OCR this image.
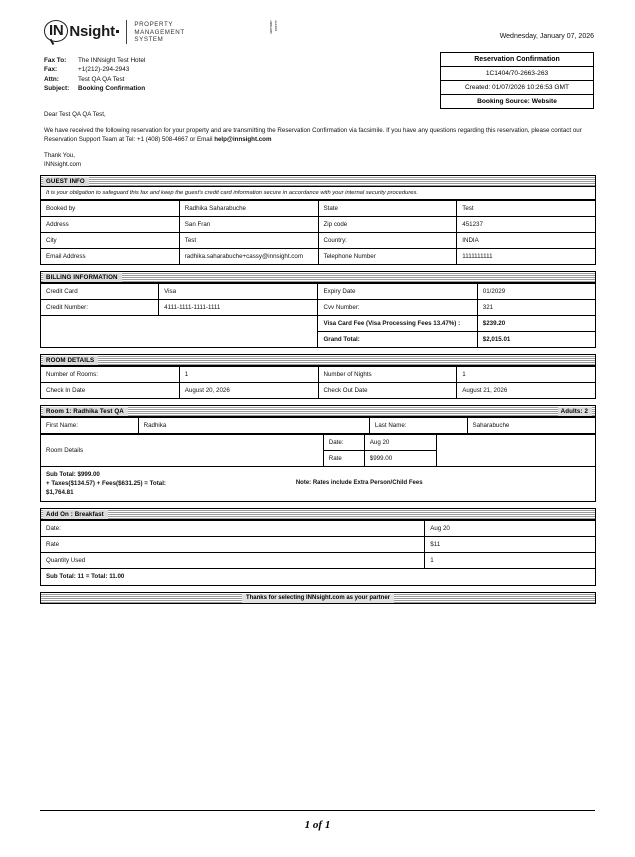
IN Nsight	PROPERTY
MANAGEMENT
SYSTEM
INNSIGHT 1C1404
Wednesday, January 07, 2026
Reservation Confirmation
1C1404/70-2663-263
Created: 01/07/2026 10:26:53 GMT
Booking Source: Website
Fax To:	The INNsight Test Hotel
Fax:	+1(212)-294-2943
Attn:	Test QA QA Test
Subject:	Booking Confirmation

Dear Test QA QA Test,

We have received the following reservation for your property and are transmitting the Reservation Confirmation via facsimile. If you have any questions regarding this reservation, please contact our Reservation Support Team at Tel: +1 (408) 508-4667 or Email help@innsight.com

Thank You,

INNsight.com

GUEST INFO
It is your obligation to safeguard this fax and keep the guest's credit card information secure in accordance with your internal security procedures.
Booked by	Radhika Saharabuche	State	Test
Address	San Fran	Zip code	451237
City	Test	Country:	INDIA
Email Address	radhika.saharabuche+cassy@innsight.com	Telephone Number	1111111111
BILLING INFORMATION
Credit Card	Visa	Expiry Date	01/2029
Credit Number:	4111-1111-1111-1111	Cvv Number:	321
		Visa Card Fee (Visa Processing Fees 13.47%) :	$239.20
		Grand Total:	$2,015.01
ROOM DETAILS
Number of Rooms:	1	Number of Nights	1
Check In Date	August 20, 2026	Check Out Date	August 21, 2026
Room 1: Radhika Test QA	Adults: 2
First Name:	Radhika	Last Name:	Saharabuche
Room Details	Date:	Aug 20	
	Rate	$999.00	
Sub Total: $999.00
+ Taxes($134.57) + Fees($631.25) = Total:
$1,764.81
Note: Rates include Extra Person/Child Fees
Add On : Breakfast
Date:	Aug 20
Rate	$11
Quantity Used	1
Sub Total: 11 = Total: 11.00
Thanks for selecting INNsight.com as your partner
1 of 1
